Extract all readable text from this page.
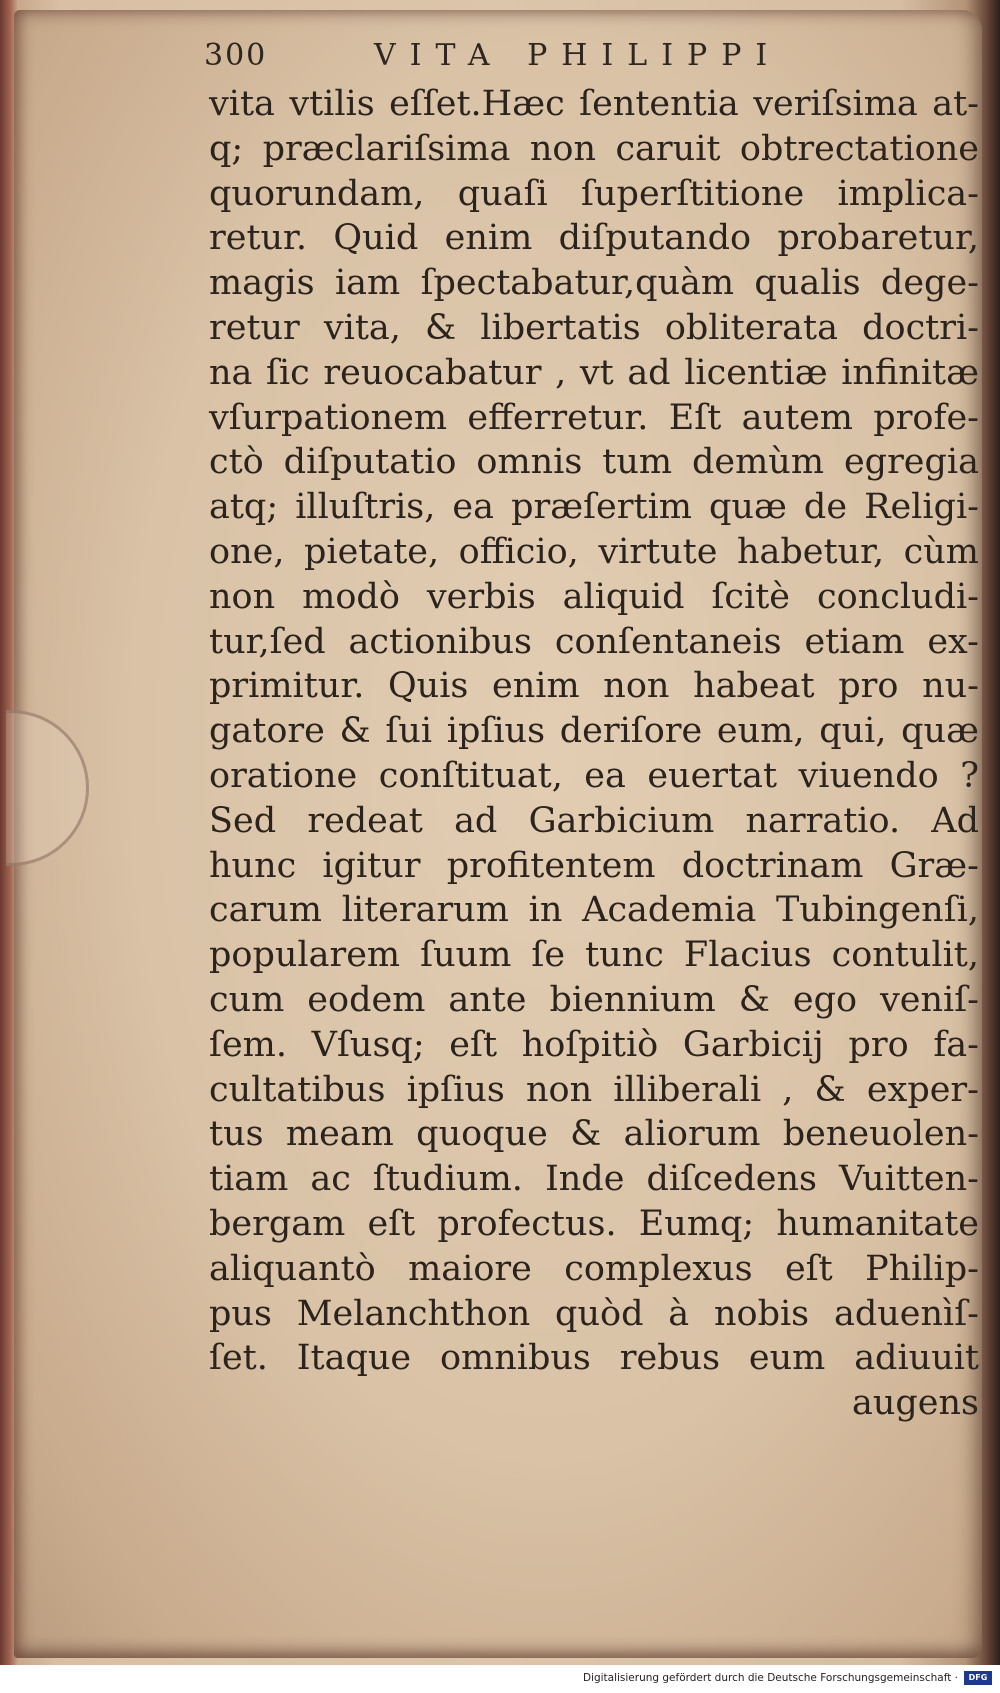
300	VITA PHILIPPI
vita vtilis eſſet.Hæc ſententia veriſsima at-
q; præclariſsima non caruit obtrectatione
quorundam, quaſi ſuperſtitione implica-
retur. Quid enim diſputando probaretur,
magis iam ſpectabatur,quàm qualis dege-
retur vita, & libertatis obliterata doctri-
na ſic reuocabatur , vt ad licentiæ infinitæ
vſurpationem efferretur. Eſt autem profe-
ctò diſputatio omnis tum demùm egregia
atq; illuſtris, ea præſertim quæ de Religi-
one, pietate, officio, virtute habetur, cùm
non modò verbis aliquid ſcitè concludi-
tur,ſed actionibus conſentaneis etiam ex-
primitur. Quis enim non habeat pro nu-
gatore & ſui ipſius deriſore eum, qui, quæ
oratione conſtituat, ea euertat viuendo ?
Sed redeat ad Garbicium narratio. Ad
hunc igitur profitentem doctrinam Græ-
carum literarum in Academia Tubingenſi,
popularem ſuum ſe tunc Flacius contulit,
cum eodem ante biennium & ego veniſ-
ſem. Vſusq; eſt hoſpitiò Garbicij pro fa-
cultatibus ipſius non illiberali , & exper-
tus meam quoque & aliorum beneuolen-
tiam ac ſtudium. Inde diſcedens Vuitten-
bergam eſt profectus. Eumq; humanitate
aliquantò maiore complexus eſt Philip-
pus Melanchthon quòd à nobis aduenìſ-
ſet. Itaque omnibus rebus eum adiuuit
augens
Digitalisierung gefördert durch die Deutsche Forschungsgemeinschaft ·	DFG
